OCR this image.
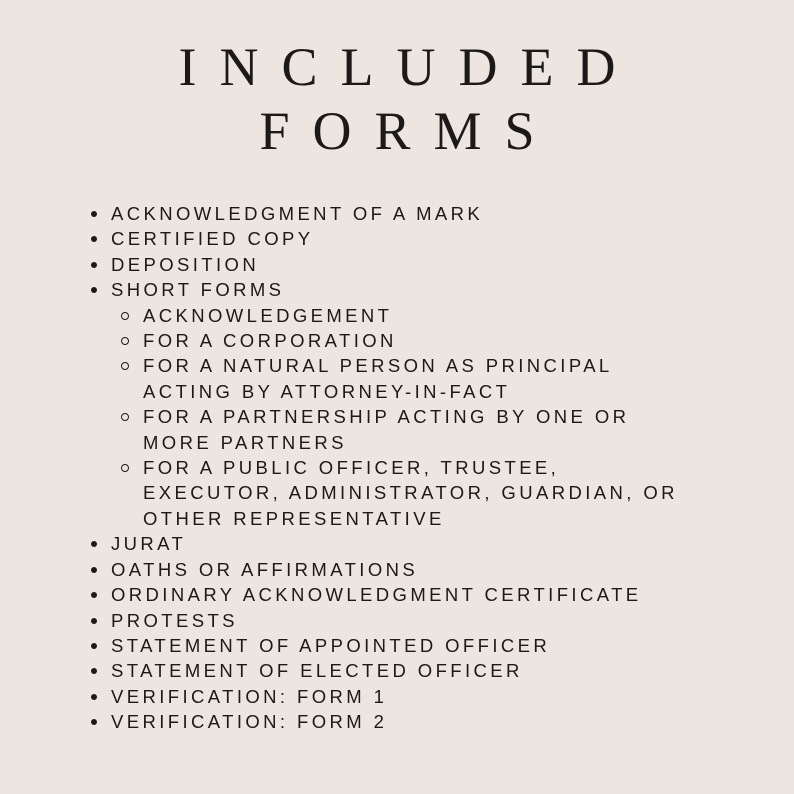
INCLUDED
FORMS
ACKNOWLEDGMENT OF A MARK
CERTIFIED COPY
DEPOSITION
SHORT FORMS
ACKNOWLEDGEMENT
FOR A CORPORATION
FOR A NATURAL PERSON AS PRINCIPAL ACTING BY ATTORNEY-IN-FACT
FOR A PARTNERSHIP ACTING BY ONE OR MORE PARTNERS
FOR A PUBLIC OFFICER, TRUSTEE, EXECUTOR, ADMINISTRATOR, GUARDIAN, OR OTHER REPRESENTATIVE
JURAT
OATHS OR AFFIRMATIONS
ORDINARY ACKNOWLEDGMENT CERTIFICATE
PROTESTS
STATEMENT OF APPOINTED OFFICER
STATEMENT OF ELECTED OFFICER
VERIFICATION: FORM 1
VERIFICATION: FORM 2
